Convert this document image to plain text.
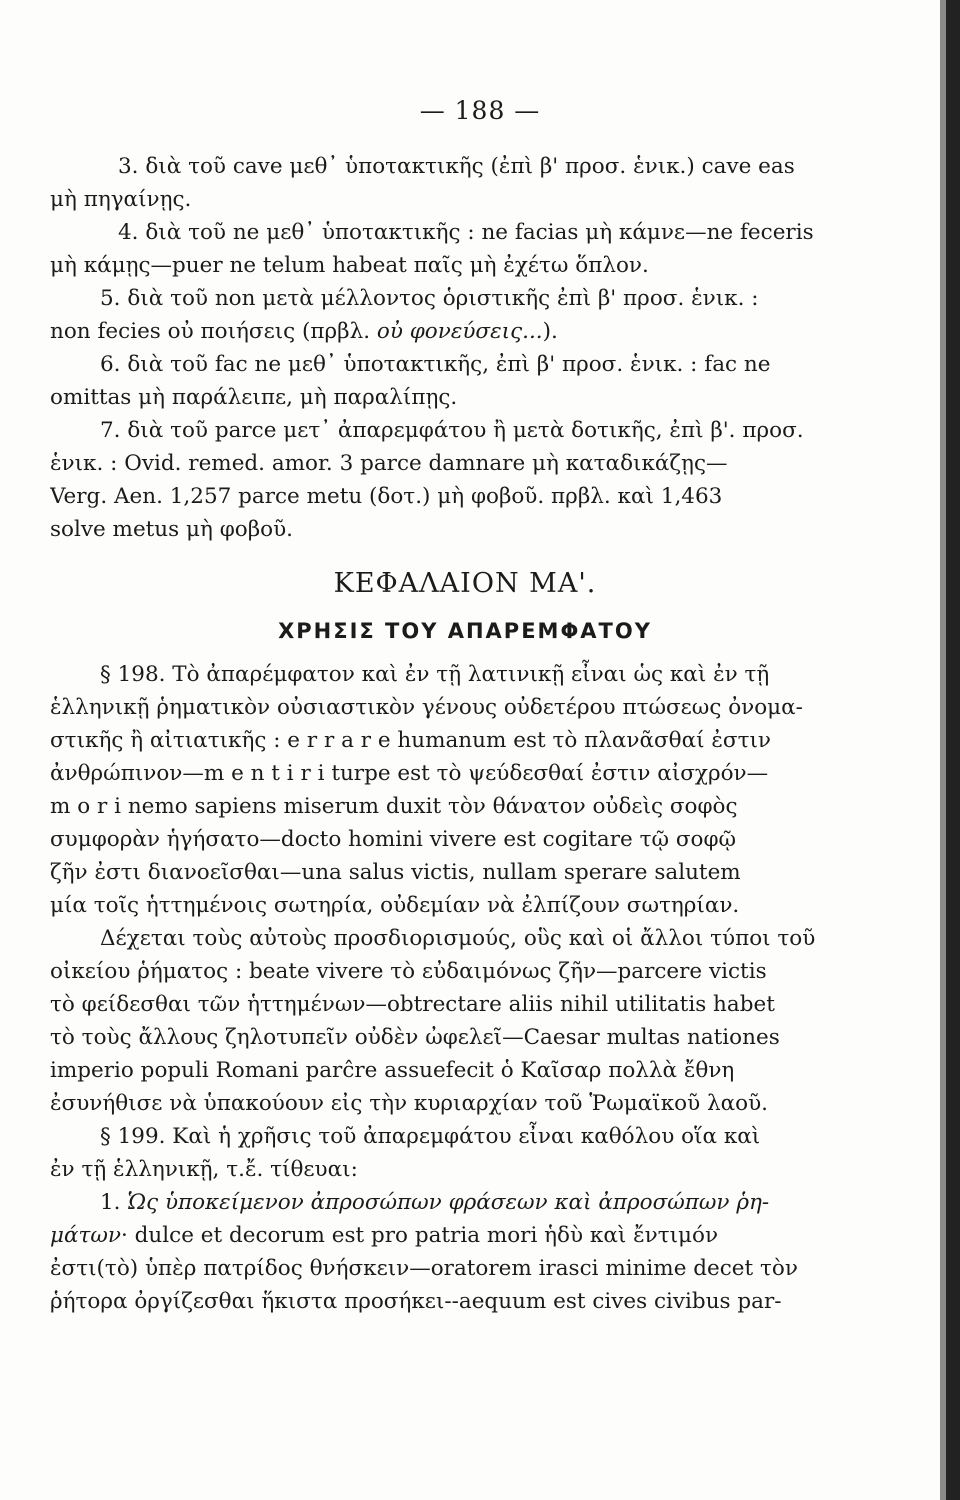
— 188 —
3. διὰ τοῦ cave μεθ᾽ ὑποτακτικῆς (ἐπὶ β' προσ. ἑνικ.) cave eas
μὴ πηγαίνῃς.
4. διὰ τοῦ ne μεθ᾽ ὑποτακτικῆς : ne facias μὴ κάμνε—ne feceris
μὴ κάμῃς—puer ne telum habeat παῖς μὴ ἐχέτω ὅπλον.
5. διὰ τοῦ non μετὰ μέλλοντος ὁριστικῆς ἐπὶ β' προσ. ἑνικ. :
non fecies οὐ ποιήσεις (πρβλ. οὐ φονεύσεις...).
6. διὰ τοῦ fac ne μεθ᾽ ὑποτακτικῆς, ἐπὶ β' προσ. ἑνικ. : fac ne
omittas μὴ παράλειπε, μὴ παραλίπῃς.
7. διὰ τοῦ parce μετ᾽ ἀπαρεμφάτου ἢ μετὰ δοτικῆς, ἐπὶ β'. προσ.
ἑνικ. : Ovid. remed. amor. 3 parce damnare μὴ καταδικάζῃς—
Verg. Aen. 1,257 parce metu (δοτ.) μὴ φοβοῦ. πρβλ. καὶ 1,463
solve metus μὴ φοβοῦ.
ΚΕΦΑΛΑΙΟΝ ΜΑ'.
ΧΡΗΣΙΣ ΤΟΥ ΑΠΑΡΕΜΦΑΤΟΥ
§ 198. Τὸ ἀπαρέμφατον καὶ ἐν τῇ λατινικῇ εἶναι ὡς καὶ ἐν τῇ
ἑλληνικῇ ῥηματικὸν οὐσιαστικὸν γένους οὐδετέρου πτώσεως ὀνομα-
στικῆς ἢ αἰτιατικῆς : e r r a r e humanum est τὸ πλανᾶσθαί ἐστιν
ἀνθρώπινον—m e n t i r i turpe est τὸ ψεύδεσθαί ἐστιν αἰσχρόν—
m o r i nemo sapiens miserum duxit τὸν θάνατον οὐδεὶς σοφὸς
συμφορὰν ἡγήσατο—docto homini vivere est cogitare τῷ σοφῷ
ζῆν ἐστι διανοεῖσθαι—una salus victis, nullam sperare salutem
μία τοῖς ἡττημένοις σωτηρία, οὐδεμίαν νὰ ἐλπίζουν σωτηρίαν.
Δέχεται τοὺς αὐτοὺς προσδιορισμούς, οὓς καὶ οἱ ἄλλοι τύποι τοῦ
οἰκείου ῥήματος : beate vivere τὸ εὐδαιμόνως ζῆν—parcere victis
τὸ φείδεσθαι τῶν ἡττημένων—obtrectare aliis nihil utilitatis habet
τὸ τοὺς ἄλλους ζηλοτυπεῖν οὐδὲν ὠφελεῖ—Caesar multas nationes
imperio populi Romani parĉre assuefecit ὁ Καῖσαρ πολλὰ ἔθνη
ἐσυνήθισε νὰ ὑπακούουν εἰς τὴν κυριαρχίαν τοῦ Ῥωμαϊκοῦ λαοῦ.
§ 199. Καὶ ἡ χρῆσις τοῦ ἀπαρεμφάτου εἶναι καθόλου οἵα καὶ
ἐν τῇ ἑλληνικῇ, τ.ἔ. τίθευαι:
1. Ὡς ὑποκείμενον ἀπροσώπων φράσεων καὶ ἀπροσώπων ῥη-
μάτων· dulce et decorum est pro patria mori ἡδὺ καὶ ἔντιμόν
ἐστι(τὸ) ὑπὲρ πατρίδος θνήσκειν—oratorem irasci minime decet τὸν
ῥήτορα ὀργίζεσθαι ἥκιστα προσήκει--aequum est cives civibus par-
